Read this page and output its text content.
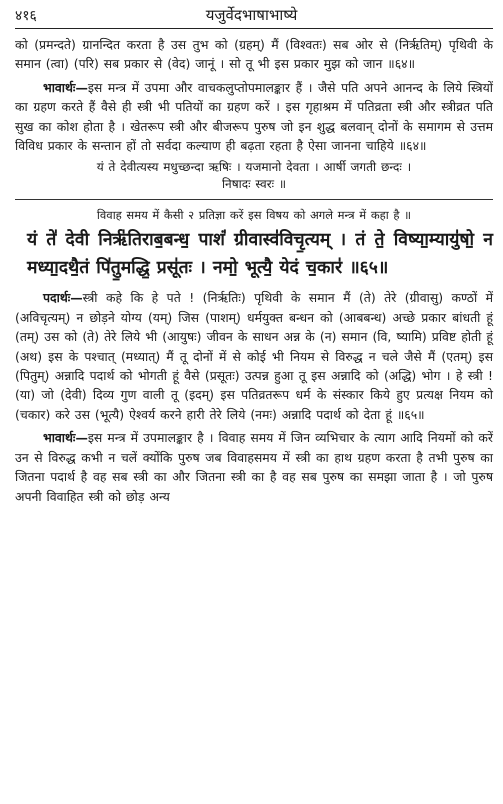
४१६	यजुर्वेदभाषाभाष्ये

को (प्रमन्दते) ग्रानन्दित करता है उस तुभ को (ग्रहम्) मैं (विश्वतः) सब ओर से (निर्ऋतिम्) पृथिवी के समान (त्वा) (परि) सब प्रकार से (वेद) जानूं । सो तू भी इस प्रकार मुझ को जान ॥६४॥

भावार्थः—इस मन्त्र में उपमा और वाचकलुप्तोपमालङ्कार हैं । जैसे पति अपने आनन्द के लिये स्त्रियों का ग्रहण करते हैं वैसे ही स्त्री भी पतियों का ग्रहण करें । इस गृहाश्रम में पतिव्रता स्त्री और स्त्रीव्रत पति सुख का कोश होता है । खेतरूप स्त्री और बीजरूप पुरुष जो इन शुद्ध बलवान् दोनों के समागम से उत्तम विविध प्रकार के सन्तान हों तो सर्वदा कल्याण ही बढ़ता रहता है ऐसा जानना चाहिये ॥६४॥

यं ते देवीत्यस्य मधुच्छन्दा ऋषिः । यजमानो देवता । आर्षी जगती छन्दः ।

निषादः स्वरः ॥

विवाह समय में कैसी २ प्रतिज्ञा करें इस विषय को अगले मन्त्र में कहा है ॥

यं ते॑ देवी निर्ऋ॑तिराब॒बन्ध॒ पाशं॑ ग्रीवास्व॑विचृ॒त्यम् । तं ते॒ विष्या॒म्यायु॑षो॒ न मध्या॒दथै॒तं पि॑तु॒मद्धि॒ प्रसू॑तः । नमो॒ भूत्यै॒ येदं च॒कार॑ ॥६५॥

पदार्थः—स्त्री कहे कि हे पते ! (निर्ऋतिः) पृथिवी के समान मैं (ते) तेरे (ग्रीवासु) कण्ठों में (अविचृत्यम्) न छोड़ने योग्य (यम्) जिस (पाशम्) धर्मयुक्त बन्धन को (आबबन्ध) अच्छे प्रकार बांधती हूं (तम्) उस को (ते) तेरे लिये भी (आयुषः) जीवन के साधन अन्न के (न) समान (वि, ष्यामि) प्रविष्ट होती हूं (अथ) इस के पश्चात् (मध्यात्) मैं तू दोनों में से कोई भी नियम से विरुद्ध न चले जैसे मैं (एतम्) इस (पितुम्) अन्नादि पदार्थ को भोगती हूं वैसे (प्रसूतः) उत्पन्न हुआ तू इस अन्नादि को (अद्धि) भोग । हे स्त्री ! (या) जो (देवी) दिव्य गुण वाली तू (इदम्) इस पतिव्रतरूप धर्म के संस्कार किये हुए प्रत्यक्ष नियम को (चकार) करे उस (भूत्यै) ऐश्वर्य करने हारी तेरे लिये (नमः) अन्नादि पदार्थ को देता हूं ॥६५॥

भावार्थः—इस मन्त्र में उपमालङ्कार है । विवाह समय में जिन व्यभिचार के त्याग आदि नियमों को करें उन से विरुद्ध कभी न चलें क्योंकि पुरुष जब विवाहसमय में स्त्री का हाथ ग्रहण करता है तभी पुरुष का जितना पदार्थ है वह सब स्त्री का और जितना स्त्री का है वह सब पुरुष का समझा जाता है । जो पुरुष अपनी विवाहित स्त्री को छोड़ अन्य
